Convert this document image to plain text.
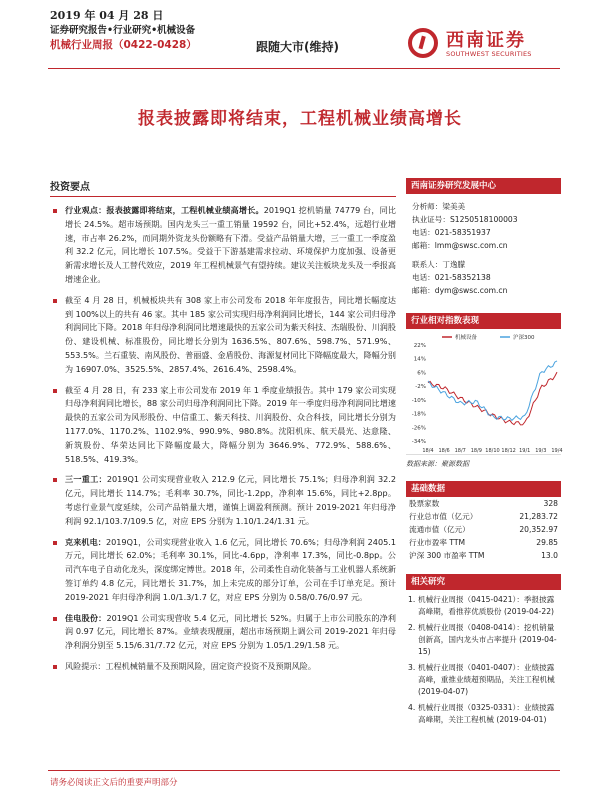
2019 年 04 月 28 日
证券研究报告•行业研究•机械设备
机械行业周报（0422-0428）	跟随大市(维持)	西南证券
SOUTHWEST SECURITIES
报表披露即将结束，工程机械业绩高增长
投资要点
行业观点：报表披露即将结束，工程机械业绩高增长。2019Q1 挖机销量 74779 台，同比增长 24.5%。超市场预期。国内龙头三一重工销量 19592 台，同比+52.4%，远超行业增速，市占率 26.2%，而同期外资龙头份额略有下滑。受益产品销量大增，三一重工一季度盈利 32.2 亿元，同比增长 107.5%。受益于下游基建需求拉动、环境保护力度加强、设备更新需求增长及人工替代效应，2019 年工程机械景气有望持续。建议关注板块龙头及一季报高增速企业。
截至 4 月 28 日，机械板块共有 308 家上市公司发布 2018 年年度报告，同比增长幅度达到 100%以上的共有 46 家。其中 185 家公司实现归母净利润同比增长，144 家公司归母净利润同比下降。2018 年归母净利润同比增速最快的五家公司为紫天科技、杰瑞股份、川润股份、建设机械、标准股份，同比增长分别为 1636.5%、807.6%、598.7%、571.9%、553.5%。兰石重装、南风股份、普丽盛、金盾股份、海源复材同比下降幅度最大，降幅分别为 16907.0%、3525.5%、2857.4%、2616.4%、2598.4%。
截至 4 月 28 日，有 233 家上市公司发布 2019 年 1 季度业绩报告。其中 179 家公司实现归母净利润同比增长，88 家公司归母净利润同比下降。2019 年一季度归母净利润同比增速最快的五家公司为风形股份、中信重工、紫天科技、川润股份、众合科技，同比增长分别为 1177.0%、1170.2%、1102.9%、990.9%、980.8%。沈阳机床、航天晨光、达意隆、新筑股份、华荣达同比下降幅度最大，降幅分别为 3646.9%、772.9%、588.6%、518.5%、419.3%。
三一重工：2019Q1 公司实现营业收入 212.9 亿元，同比增长 75.1%；归母净利润 32.2 亿元，同比增长 114.7%；毛利率 30.7%，同比-1.2pp，净利率 15.6%，同比+2.8pp。考虑行业景气度延续，公司产品销量大增，谨慎上调盈利预测。预计 2019-2021 年归母净利润 92.1/103.7/109.5 亿，对应 EPS 分别为 1.10/1.24/1.31 元。
克来机电：2019Q1，公司实现营业收入 1.6 亿元，同比增长 70.6%；归母净利润 2405.1 万元，同比增长 62.0%；毛利率 30.1%，同比-4.6pp，净利率 17.3%，同比-0.8pp。公司汽车电子自动化龙头，深度绑定博世。2018 年，公司柔性自动化装备与工业机器人系统新签订单约 4.8 亿元，同比增长 31.7%，加上未完成的部分订单，公司在手订单充足。预计 2019-2021 年归母净利润 1.0/1.3/1.7 亿，对应 EPS 分别为 0.58/0.76/0.97 元。
佳电股份：2019Q1 公司实现营收 5.4 亿元，同比增长 52%。归属于上市公司股东的净利润 0.97 亿元，同比增长 87%。业绩表现靓丽，超出市场预期上调公司 2019-2021 年归母净利润分别至 5.15/6.31/7.72 亿元，对应 EPS 分别为 1.05/1.29/1.58 元。
风险提示：工程机械销量不及预期风险，固定资产投资不及预期风险。
西南证券研究发展中心
分析师：梁美美
执业证号：S1250518100003
电话：021-58351937
邮箱：lmm@swsc.com.cn
联系人：丁逸朦
电话：021-58352138
邮箱：dym@swsc.com.cn
行业相对指数表现
22%
14%
6%
-2%
-10%
-18%
-26%
-34%
18/4 18/6 18/7 18/9 18/10 18/12 19/1 19/3 19/4
机械设备	沪深300
数据来源：聚源数据
基础数据
股票家数	328
行业总市值（亿元）	21,283.72
流通市值（亿元）	20,352.97
行业市盈率 TTM	29.85
沪深 300 市盈率 TTM	13.0
相关研究
1. 机械行业周报（0415-0421）：季报披露高峰期，看推荐优质股份 (2019-04-22)
2. 机械行业周报（0408-0414）：挖机销量创新高，国内龙头市占率提升 (2019-04-15)
3. 机械行业周报（0401-0407）：业绩披露高峰，重推业绩超预期品，关注工程机械 (2019-04-07)
4. 机械行业周报（0325-0331）：业绩披露高峰期，关注工程机械 (2019-04-01)
请务必阅读正文后的重要声明部分
